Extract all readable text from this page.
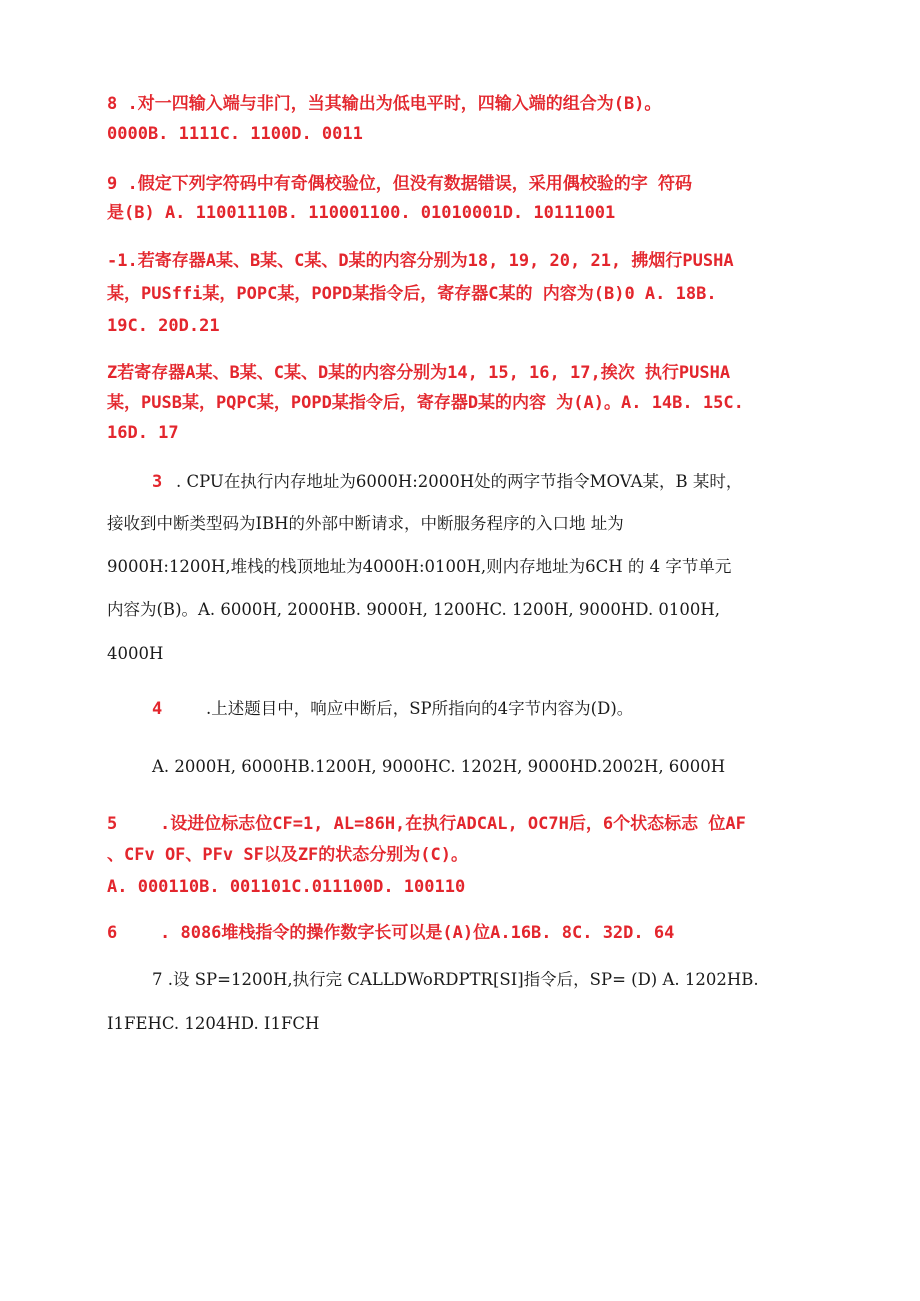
8 .对一四输入端与非门，当其输出为低电平时，四输入端的组合为(B)。
0000B. 1111C. 1100D. 0011
9 .假定下列字符码中有奇偶校验位，但没有数据错误，采用偶校验的字 符码
是(B) A. 11001110B. 110001100. 01010001D. 10111001
-1.若寄存器A某、B某、C某、D某的内容分别为18, 19, 20, 21, 拂烟行PUSHA
某，PUSffi某，POPC某，POPD某指令后，寄存器C某的 内容为(B)0 A. 18B.
19C. 20D.21
Z若寄存器A某、B某、C某、D某的内容分别为14, 15, 16, 17,挨次 执行PUSHA
某，PUSB某，PQPC某，POPD某指令后，寄存器D某的内容 为(A)。A. 14B. 15C.
16D. 17
3 . CPU在执行内存地址为6000H:2000H处的两字节指令MOVA某，B 某时，
接收到中断类型码为IBH的外部中断请求，中断服务程序的入口地 址为
9000H:1200H,堆栈的栈顶地址为4000H:0100H,则内存地址为6CH 的 4 字节单元
内容为(B)。A. 6000H, 2000HB. 9000H, 1200HC. 1200H, 9000HD. 0100H,
4000H
4	.上述题目中，响应中断后，SP所指向的4字节内容为(D)。
A. 2000H, 6000HB.1200H, 9000HC. 1202H, 9000HD.2002H, 6000H
5	.设进位标志位CF=1, AL=86H,在执行ADCAL, OC7H后，6个状态标志 位AF
、CFv OF、PFv SF以及ZF的状态分别为(C)。
A. 000110B. 001101C.011100D. 100110
6	. 8086堆栈指令的操作数字长可以是(A)位A.16B. 8C. 32D. 64
7 .设 SP=1200H,执行完 CALLDWoRDPTR[SI]指令后，SP= (D) A. 1202HB.
I1FEHC. 1204HD. I1FCH
